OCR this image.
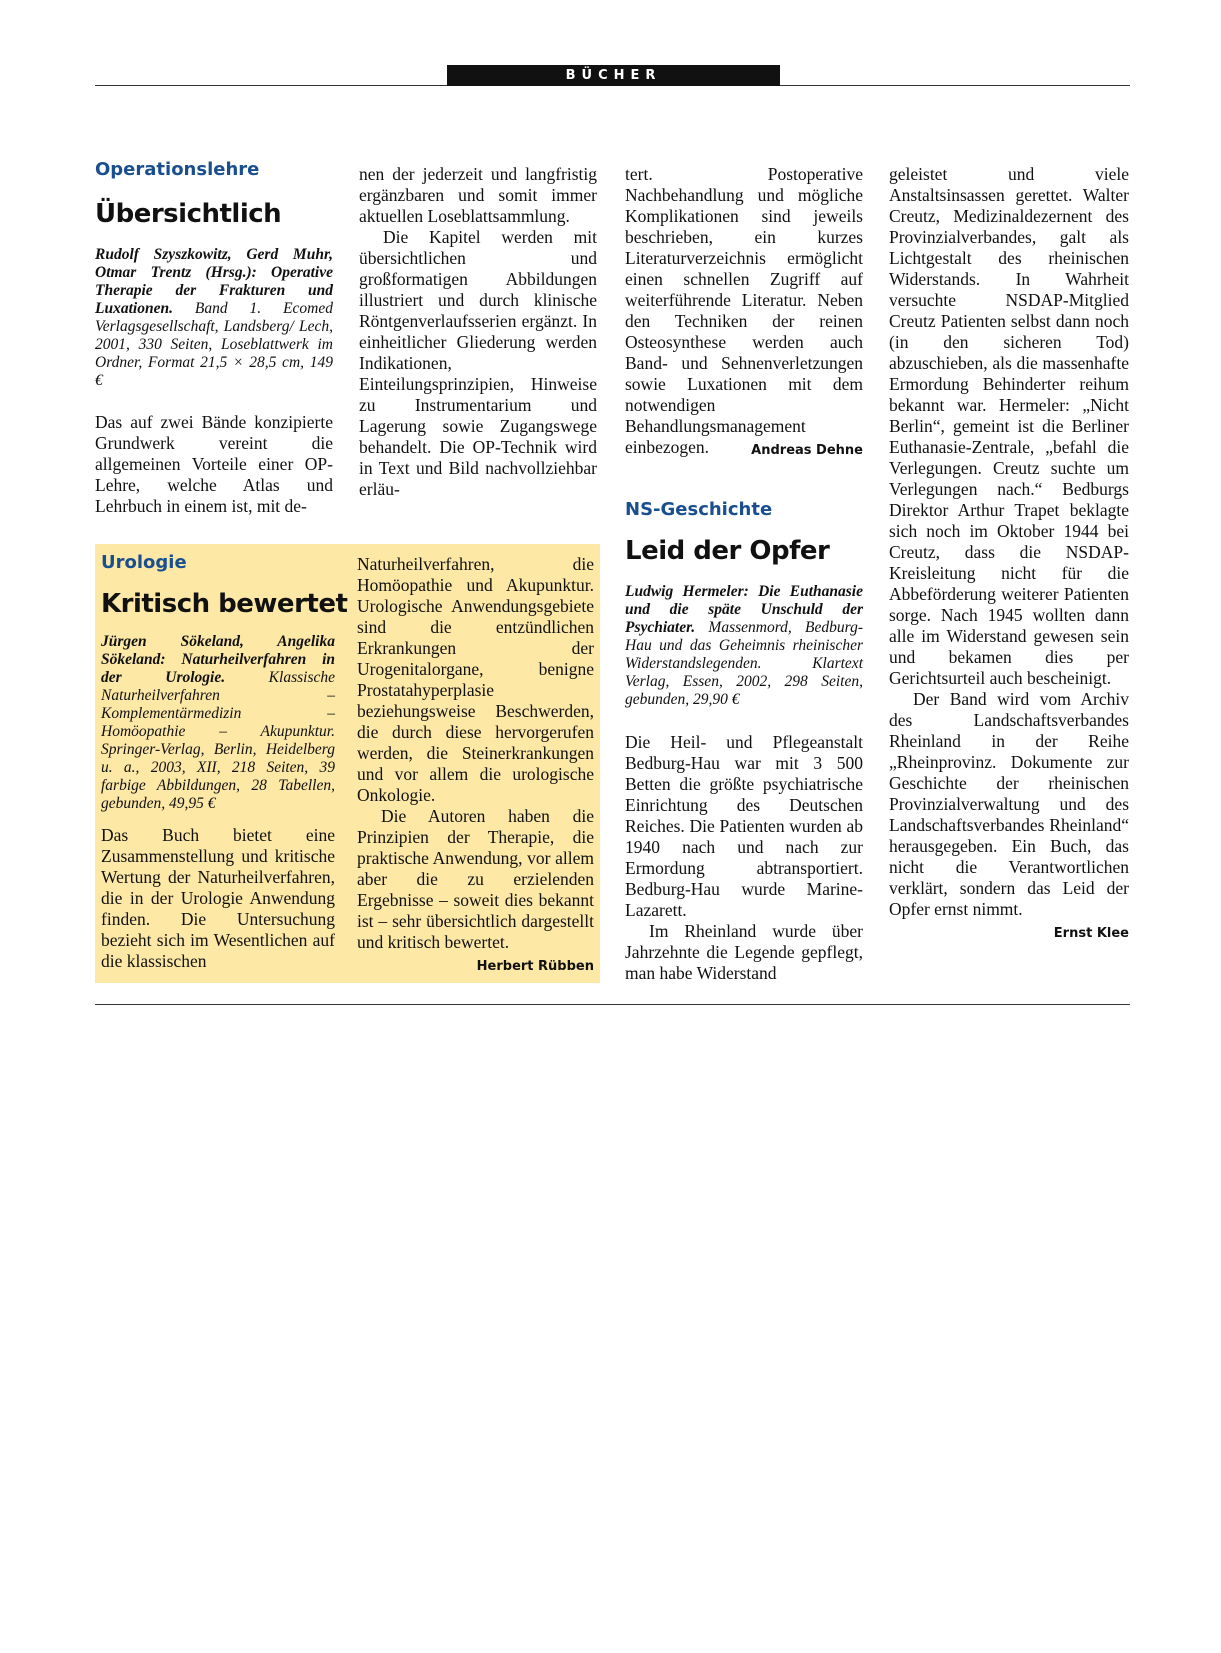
BÜCHER
Operationslehre
Übersichtlich

Rudolf Szyszkowitz, Gerd Muhr, Otmar Trentz (Hrsg.): Operative Therapie der Frakturen und Luxationen. Band 1. Ecomed Verlagsgesellschaft, Landsberg/ Lech, 2001, 330 Seiten, Loseblattwerk im Ordner, Format 21,5 × 28,5 cm, 149 €

Das auf zwei Bände konzipierte Grundwerk vereint die allgemeinen Vorteile einer OP-Lehre, welche Atlas und Lehrbuch in einem ist, mit de-

nen der jederzeit und langfristig ergänzbaren und somit immer aktuellen Loseblattsammlung.

Die Kapitel werden mit übersichtlichen und großformatigen Abbildungen illustriert und durch klinische Röntgenverlaufsserien ergänzt. In einheitlicher Gliederung werden Indikationen, Einteilungsprinzipien, Hinweise zu Instrumentarium und Lagerung sowie Zugangswege behandelt. Die OP-Technik wird in Text und Bild nachvollziehbar erläu-

tert. Postoperative Nachbehandlung und mögliche Komplikationen sind jeweils beschrieben, ein kurzes Literaturverzeichnis ermöglicht einen schnellen Zugriff auf weiterführende Literatur. Neben den Techniken der reinen Osteosynthese werden auch Band- und Sehnenverletzungen sowie Luxationen mit dem notwendigen Behandlungsmanagement einbezogen.	Andreas Dehne

Urologie
Kritisch bewertet

Jürgen Sökeland, Angelika Sökeland: Naturheilverfahren in der Urologie. Klassische Naturheilverfahren – Komplementärmedizin – Homöopathie – Akupunktur. Springer-Verlag, Berlin, Heidelberg u. a., 2003, XII, 218 Seiten, 39 farbige Abbildungen, 28 Tabellen, gebunden, 49,95 €

Das Buch bietet eine Zusammenstellung und kritische Wertung der Naturheilverfahren, die in der Urologie Anwendung finden. Die Untersuchung bezieht sich im Wesentlichen auf die klassischen

Naturheilverfahren, die Homöopathie und Akupunktur. Urologische Anwendungsgebiete sind die entzündlichen Erkrankungen der Urogenitalorgane, benigne Prostatahyperplasie beziehungsweise Beschwerden, die durch diese hervorgerufen werden, die Steinerkrankungen und vor allem die urologische Onkologie.

Die Autoren haben die Prinzipien der Therapie, die praktische Anwendung, vor allem aber die zu erzielenden Ergebnisse – soweit dies bekannt ist – sehr übersichtlich dargestellt und kritisch bewertet.
Herbert Rübben

NS-Geschichte
Leid der Opfer

Ludwig Hermeler: Die Euthanasie und die späte Unschuld der Psychiater. Massenmord, Bedburg-Hau und das Geheimnis rheinischer Widerstandslegenden. Klartext Verlag, Essen, 2002, 298 Seiten, gebunden, 29,90 €

Die Heil- und Pflegeanstalt Bedburg-Hau war mit 3 500 Betten die größte psychiatrische Einrichtung des Deutschen Reiches. Die Patienten wurden ab 1940 nach und nach zur Ermordung abtransportiert. Bedburg-Hau wurde Marine-Lazarett.

Im Rheinland wurde über Jahrzehnte die Legende gepflegt, man habe Widerstand

geleistet und viele Anstaltsinsassen gerettet. Walter Creutz, Medizinaldezernent des Provinzialverbandes, galt als Lichtgestalt des rheinischen Widerstands. In Wahrheit versuchte NSDAP-Mitglied Creutz Patienten selbst dann noch (in den sicheren Tod) abzuschieben, als die massenhafte Ermordung Behinderter reihum bekannt war. Hermeler: „Nicht Berlin“, gemeint ist die Berliner Euthanasie-Zentrale, „befahl die Verlegungen. Creutz suchte um Verlegungen nach.“ Bedburgs Direktor Arthur Trapet beklagte sich noch im Oktober 1944 bei Creutz, dass die NSDAP-Kreisleitung nicht für die Abbeförderung weiterer Patienten sorge. Nach 1945 wollten dann alle im Widerstand gewesen sein und bekamen dies per Gerichtsurteil auch bescheinigt.

Der Band wird vom Archiv des Landschaftsverbandes Rheinland in der Reihe „Rheinprovinz. Dokumente zur Geschichte der rheinischen Provinzialverwaltung und des Landschaftsverbandes Rheinland“ herausgegeben. Ein Buch, das nicht die Verantwortlichen verklärt, sondern das Leid der Opfer ernst nimmt.
Ernst Klee
